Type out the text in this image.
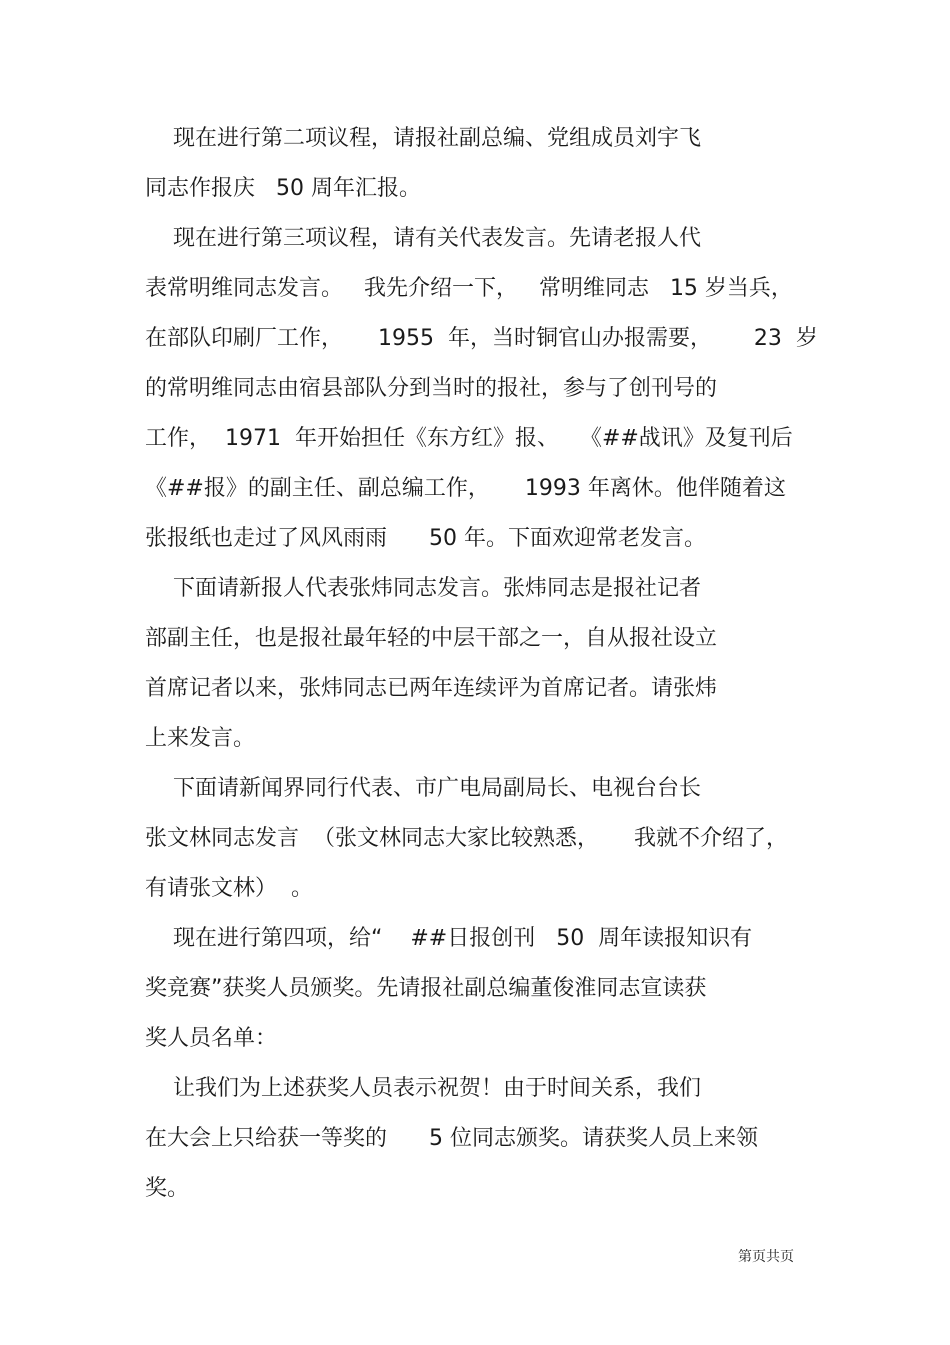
现在进行第二项议程，请报社副总编、党组成员刘宇飞
同志作报庆   50 周年汇报。
现在进行第三项议程，请有关代表发言。先请老报人代
表常明维同志发言。   我先介绍一下，   常明维同志   15 岁当兵，
在部队印刷厂工作，     1955  年，当时铜官山办报需要，      23  岁
的常明维同志由宿县部队分到当时的报社，参与了创刊号的
工作，  1971  年开始担任《东方红》报、   《##战讯》及复刊后
《##报》的副主任、副总编工作，     1993 年离休。他伴随着这
张报纸也走过了风风雨雨      50 年。下面欢迎常老发言。
下面请新报人代表张炜同志发言。张炜同志是报社记者
部副主任，也是报社最年轻的中层干部之一，自从报社设立
首席记者以来，张炜同志已两年连续评为首席记者。请张炜
上来发言。
下面请新闻界同行代表、市广电局副局长、电视台台长
张文林同志发言  （张文林同志大家比较熟悉，     我就不介绍了，
有请张文林）  。
现在进行第四项，给“    ##日报创刊   50  周年读报知识有
奖竞赛”获奖人员颁奖。先请报社副总编董俊淮同志宣读获
奖人员名单：
让我们为上述获奖人员表示祝贺！由于时间关系，我们
在大会上只给获一等奖的      5 位同志颁奖。请获奖人员上来领
奖。
第页共页
